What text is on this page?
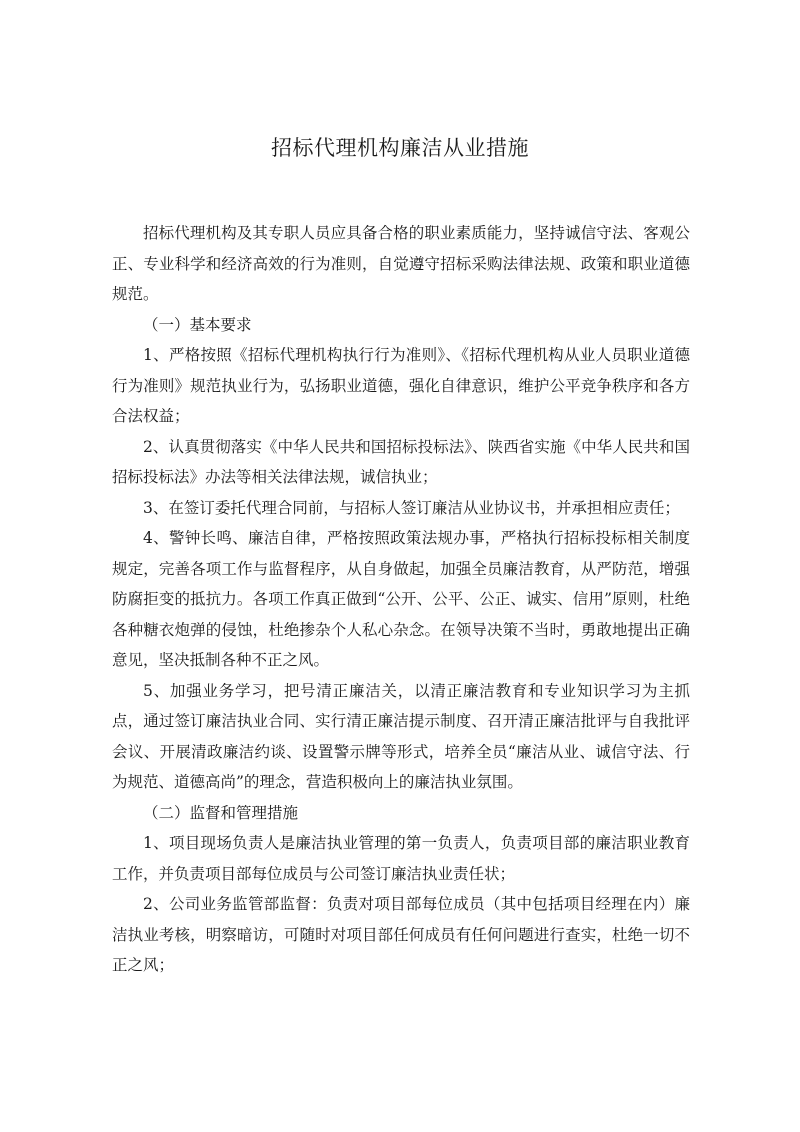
招标代理机构廉洁从业措施

招标代理机构及其专职人员应具备合格的职业素质能力，坚持诚信守法、客观公正、专业科学和经济高效的行为准则，自觉遵守招标采购法律法规、政策和职业道德规范。

（一）基本要求

1、严格按照《招标代理机构执行行为准则》、《招标代理机构从业人员职业道德行为准则》规范执业行为，弘扬职业道德，强化自律意识，维护公平竞争秩序和各方合法权益；

2、认真贯彻落实《中华人民共和国招标投标法》、陕西省实施《中华人民共和国招标投标法》办法等相关法律法规，诚信执业；

3、在签订委托代理合同前，与招标人签订廉洁从业协议书，并承担相应责任；

4、警钟长鸣、廉洁自律，严格按照政策法规办事，严格执行招标投标相关制度规定，完善各项工作与监督程序，从自身做起，加强全员廉洁教育，从严防范，增强防腐拒变的抵抗力。各项工作真正做到“公开、公平、公正、诚实、信用”原则，杜绝各种糖衣炮弹的侵蚀，杜绝掺杂个人私心杂念。在领导决策不当时，勇敢地提出正确意见，坚决抵制各种不正之风。

5、加强业务学习，把号清正廉洁关，以清正廉洁教育和专业知识学习为主抓点，通过签订廉洁执业合同、实行清正廉洁提示制度、召开清正廉洁批评与自我批评会议、开展清政廉洁约谈、设置警示牌等形式，培养全员“廉洁从业、诚信守法、行为规范、道德高尚”的理念，营造积极向上的廉洁执业氛围。

（二）监督和管理措施

1、项目现场负责人是廉洁执业管理的第一负责人，负责项目部的廉洁职业教育工作，并负责项目部每位成员与公司签订廉洁执业责任状；

2、公司业务监管部监督：负责对项目部每位成员（其中包括项目经理在内）廉洁执业考核，明察暗访，可随时对项目部任何成员有任何问题进行查实，杜绝一切不正之风；
